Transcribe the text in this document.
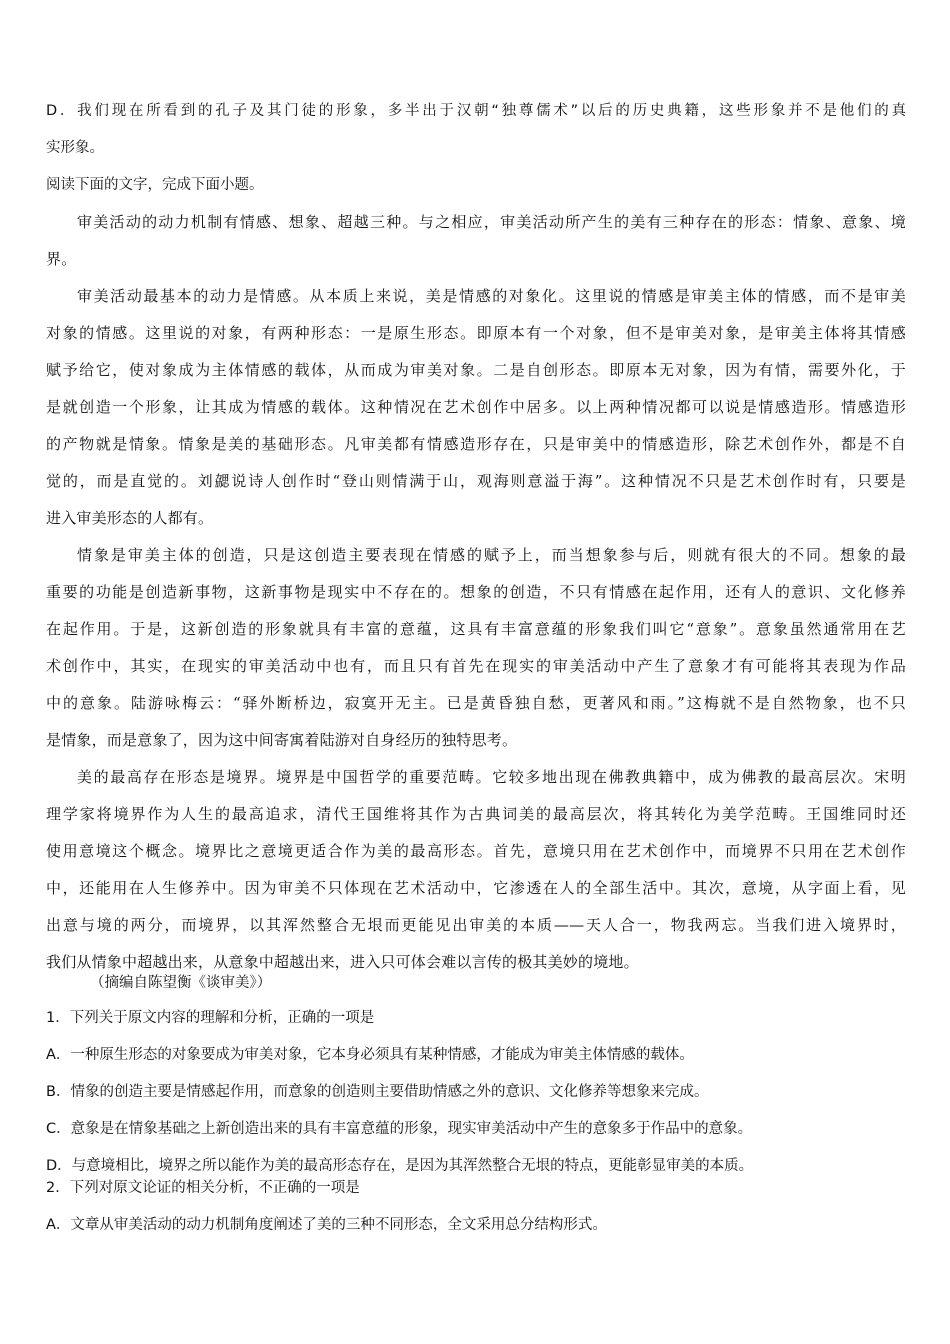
D．我们现在所看到的孔子及其门徒的形象，多半出于汉朝“独尊儒术”以后的历史典籍，这些形象并不是他们的真
实形象。
阅读下面的文字，完成下面小题。
审美活动的动力机制有情感、想象、超越三种。与之相应，审美活动所产生的美有三种存在的形态：情象、意象、境
界。
审美活动最基本的动力是情感。从本质上来说，美是情感的对象化。这里说的情感是审美主体的情感，而不是审美
对象的情感。这里说的对象，有两种形态：一是原生形态。即原本有一个对象，但不是审美对象，是审美主体将其情感
赋予给它，使对象成为主体情感的载体，从而成为审美对象。二是自创形态。即原本无对象，因为有情，需要外化，于
是就创造一个形象，让其成为情感的载体。这种情况在艺术创作中居多。以上两种情况都可以说是情感造形。情感造形
的产物就是情象。情象是美的基础形态。凡审美都有情感造形存在，只是审美中的情感造形，除艺术创作外，都是不自
觉的，而是直觉的。刘勰说诗人创作时“登山则情满于山，观海则意溢于海”。这种情况不只是艺术创作时有，只要是
进入审美形态的人都有。
情象是审美主体的创造，只是这创造主要表现在情感的赋予上，而当想象参与后，则就有很大的不同。想象的最
重要的功能是创造新事物，这新事物是现实中不存在的。想象的创造，不只有情感在起作用，还有人的意识、文化修养
在起作用。于是，这新创造的形象就具有丰富的意蕴，这具有丰富意蕴的形象我们叫它“意象”。意象虽然通常用在艺
术创作中，其实，在现实的审美活动中也有，而且只有首先在现实的审美活动中产生了意象才有可能将其表现为作品
中的意象。陆游咏梅云：“驿外断桥边，寂寞开无主。已是黄昏独自愁，更著风和雨。”这梅就不是自然物象，也不只
是情象，而是意象了，因为这中间寄寓着陆游对自身经历的独特思考。
美的最高存在形态是境界。境界是中国哲学的重要范畴。它较多地出现在佛教典籍中，成为佛教的最高层次。宋明
理学家将境界作为人生的最高追求，清代王国维将其作为古典词美的最高层次，将其转化为美学范畴。王国维同时还
使用意境这个概念。境界比之意境更适合作为美的最高形态。首先，意境只用在艺术创作中，而境界不只用在艺术创作
中，还能用在人生修养中。因为审美不只体现在艺术活动中，它渗透在人的全部生活中。其次，意境，从字面上看，见
出意与境的两分，而境界，以其浑然整合无垠而更能见出审美的本质——天人合一，物我两忘。当我们进入境界时，
我们从情象中超越出来，从意象中超越出来，进入只可体会难以言传的极其美妙的境地。
（摘编自陈望衡《谈审美》）
1．下列关于原文内容的理解和分析，正确的一项是
A．一种原生形态的对象要成为审美对象，它本身必须具有某种情感，才能成为审美主体情感的载体。
B．情象的创造主要是情感起作用，而意象的创造则主要借助情感之外的意识、文化修养等想象来完成。
C．意象是在情象基础之上新创造出来的具有丰富意蕴的形象，现实审美活动中产生的意象多于作品中的意象。
D．与意境相比，境界之所以能作为美的最高形态存在，是因为其浑然整合无垠的特点，更能彰显审美的本质。
2．下列对原文论证的相关分析，不正确的一项是
A．文章从审美活动的动力机制角度阐述了美的三种不同形态，全文采用总分结构形式。
